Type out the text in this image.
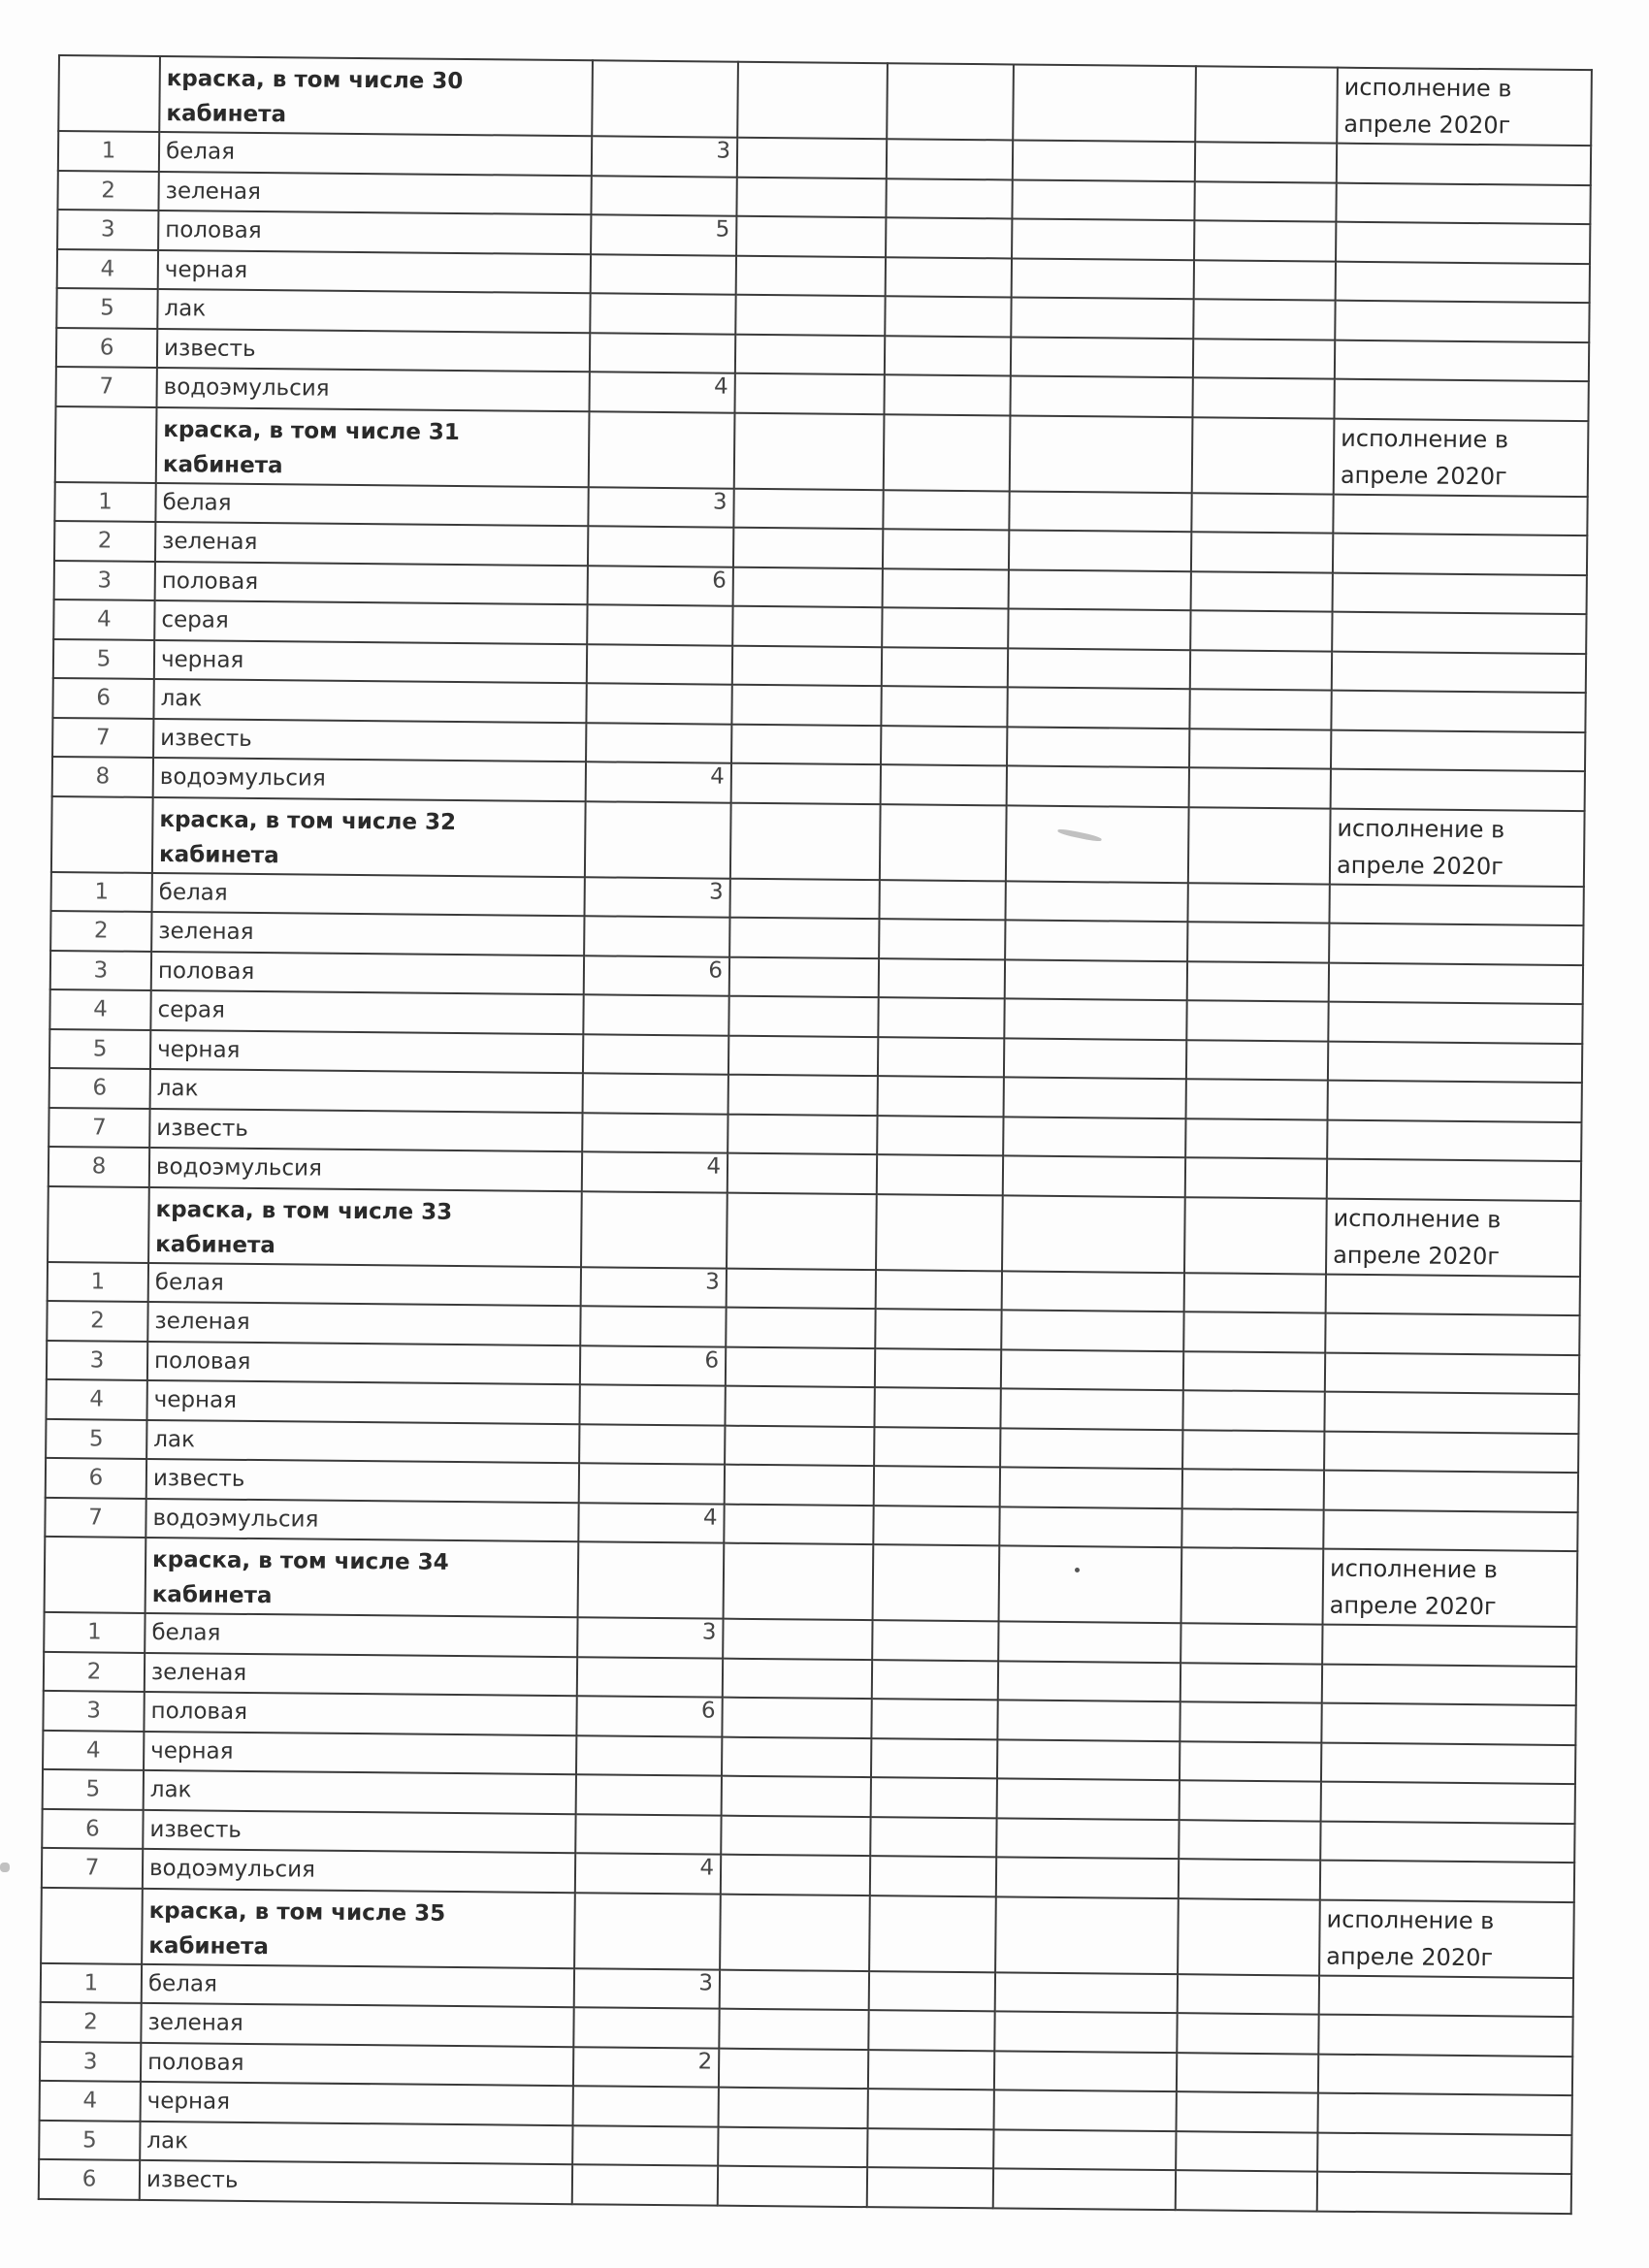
	краска, в том числе 30 кабинета						исполнение в апреле 2020г
1	белая	3					
2	зеленая						
3	половая	5					
4	черная						
5	лак						
6	известь						
7	водоэмульсия	4					
	краска, в том числе 31 кабинета						исполнение в апреле 2020г
1	белая	3					
2	зеленая						
3	половая	6					
4	серая						
5	черная						
6	лак						
7	известь						
8	водоэмульсия	4					
	краска, в том числе 32 кабинета						исполнение в апреле 2020г
1	белая	3					
2	зеленая						
3	половая	6					
4	серая						
5	черная						
6	лак						
7	известь						
8	водоэмульсия	4					
	краска, в том числе 33 кабинета						исполнение в апреле 2020г
1	белая	3					
2	зеленая						
3	половая	6					
4	черная						
5	лак						
6	известь						
7	водоэмульсия	4					
	краска, в том числе 34 кабинета						исполнение в апреле 2020г
1	белая	3					
2	зеленая						
3	половая	6					
4	черная						
5	лак						
6	известь						
7	водоэмульсия	4					
	краска, в том числе 35 кабинета						исполнение в апреле 2020г
1	белая	3					
2	зеленая						
3	половая	2					
4	черная						
5	лак						
6	известь						
